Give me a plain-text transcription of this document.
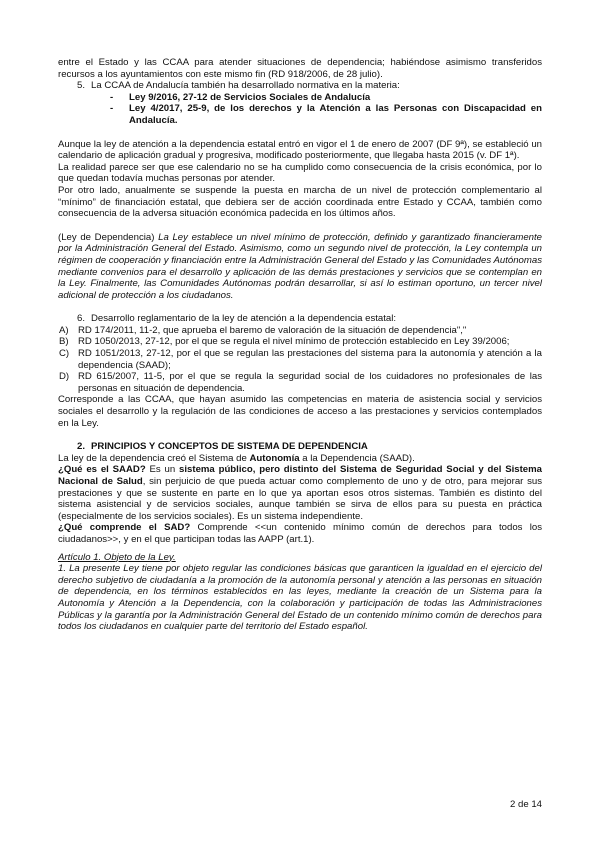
entre el Estado y las CCAA para atender situaciones de dependencia; habiéndose asimismo transferidos recursos a los ayuntamientos con este mismo fin (RD 918/2006, de 28 julio).

5. La CCAA de Andalucía también ha desarrollado normativa en la materia:
-	Ley 9/2016, 27-12 de Servicios Sociales de Andalucía
-	Ley 4/2017, 25-9, de los derechos y la Atención a las Personas con Discapacidad en Andalucía.

Aunque la ley de atención a la dependencia estatal entró en vigor el 1 de enero de 2007 (DF 9ª), se estableció un calendario de aplicación gradual y progresiva, modificado posteriormente, que llegaba hasta 2015 (v. DF 1ª).

La realidad parece ser que ese calendario no se ha cumplido como consecuencia de la crisis económica, por lo que quedan todavía muchas personas por atender.

Por otro lado, anualmente se suspende la puesta en marcha de un nivel de protección complementario al “mínimo” de financiación estatal, que debiera ser de acción coordinada entre Estado y CCAA, también como consecuencia de la adversa situación económica padecida en los últimos años.

(Ley de Dependencia) La Ley establece un nivel mínimo de protección, definido y garantizado financieramente por la Administración General del Estado. Asimismo, como un segundo nivel de protección, la Ley contempla un régimen de cooperación y financiación entre la Administración General del Estado y las Comunidades Autónomas mediante convenios para el desarrollo y aplicación de las demás prestaciones y servicios que se contemplan en la Ley. Finalmente, las Comunidades Autónomas podrán desarrollar, si así lo estiman oportuno, un tercer nivel adicional de protección a los ciudadanos.

6. Desarrollo reglamentario de la ley de atención a la dependencia estatal:
A) RD 174/2011, 11-2, que aprueba el baremo de valoración de la situación de dependencia","
B) RD 1050/2013, 27-12, por el que se regula el nivel mínimo de protección establecido en Ley 39/2006;
C) RD 1051/2013, 27-12, por el que se regulan las prestaciones del sistema para la autonomía y atención a la dependencia (SAAD);
D) RD 615/2007, 11-5, por el que se regula la seguridad social de los cuidadores no profesionales de las personas en situación de dependencia.

Corresponde a las CCAA, que hayan asumido las competencias en materia de asistencia social y servicios sociales el desarrollo y la regulación de las condiciones de acceso a las prestaciones y servicios contemplados en la Ley.

2. PRINCIPIOS Y CONCEPTOS DE SISTEMA DE DEPENDENCIA

La ley de la dependencia creó el Sistema de Autonomía a la Dependencia (SAAD).

¿Qué es el SAAD? Es un sistema público, pero distinto del Sistema de Seguridad Social y del Sistema Nacional de Salud, sin perjuicio de que pueda actuar como complemento de uno y de otro, para mejorar sus prestaciones y que se sustente en parte en lo que ya aportan esos otros sistemas. También es distinto del sistema asistencial y de servicios sociales, aunque también se sirva de ellos para su puesta en práctica (especialmente de los servicios sociales). Es un sistema independiente.

¿Qué comprende el SAD? Comprende <<un contenido mínimo común de derechos para todos los ciudadanos>>, y en el que participan todas las AAPP (art.1).

Artículo 1. Objeto de la Ley.

1. La presente Ley tiene por objeto regular las condiciones básicas que garanticen la igualdad en el ejercicio del derecho subjetivo de ciudadanía a la promoción de la autonomía personal y atención a las personas en situación de dependencia, en los términos establecidos en las leyes, mediante la creación de un Sistema para la Autonomía y Atención a la Dependencia, con la colaboración y participación de todas las Administraciones Públicas y la garantía por la Administración General del Estado de un contenido mínimo común de derechos para todos los ciudadanos en cualquier parte del territorio del Estado español.

2 de 14
